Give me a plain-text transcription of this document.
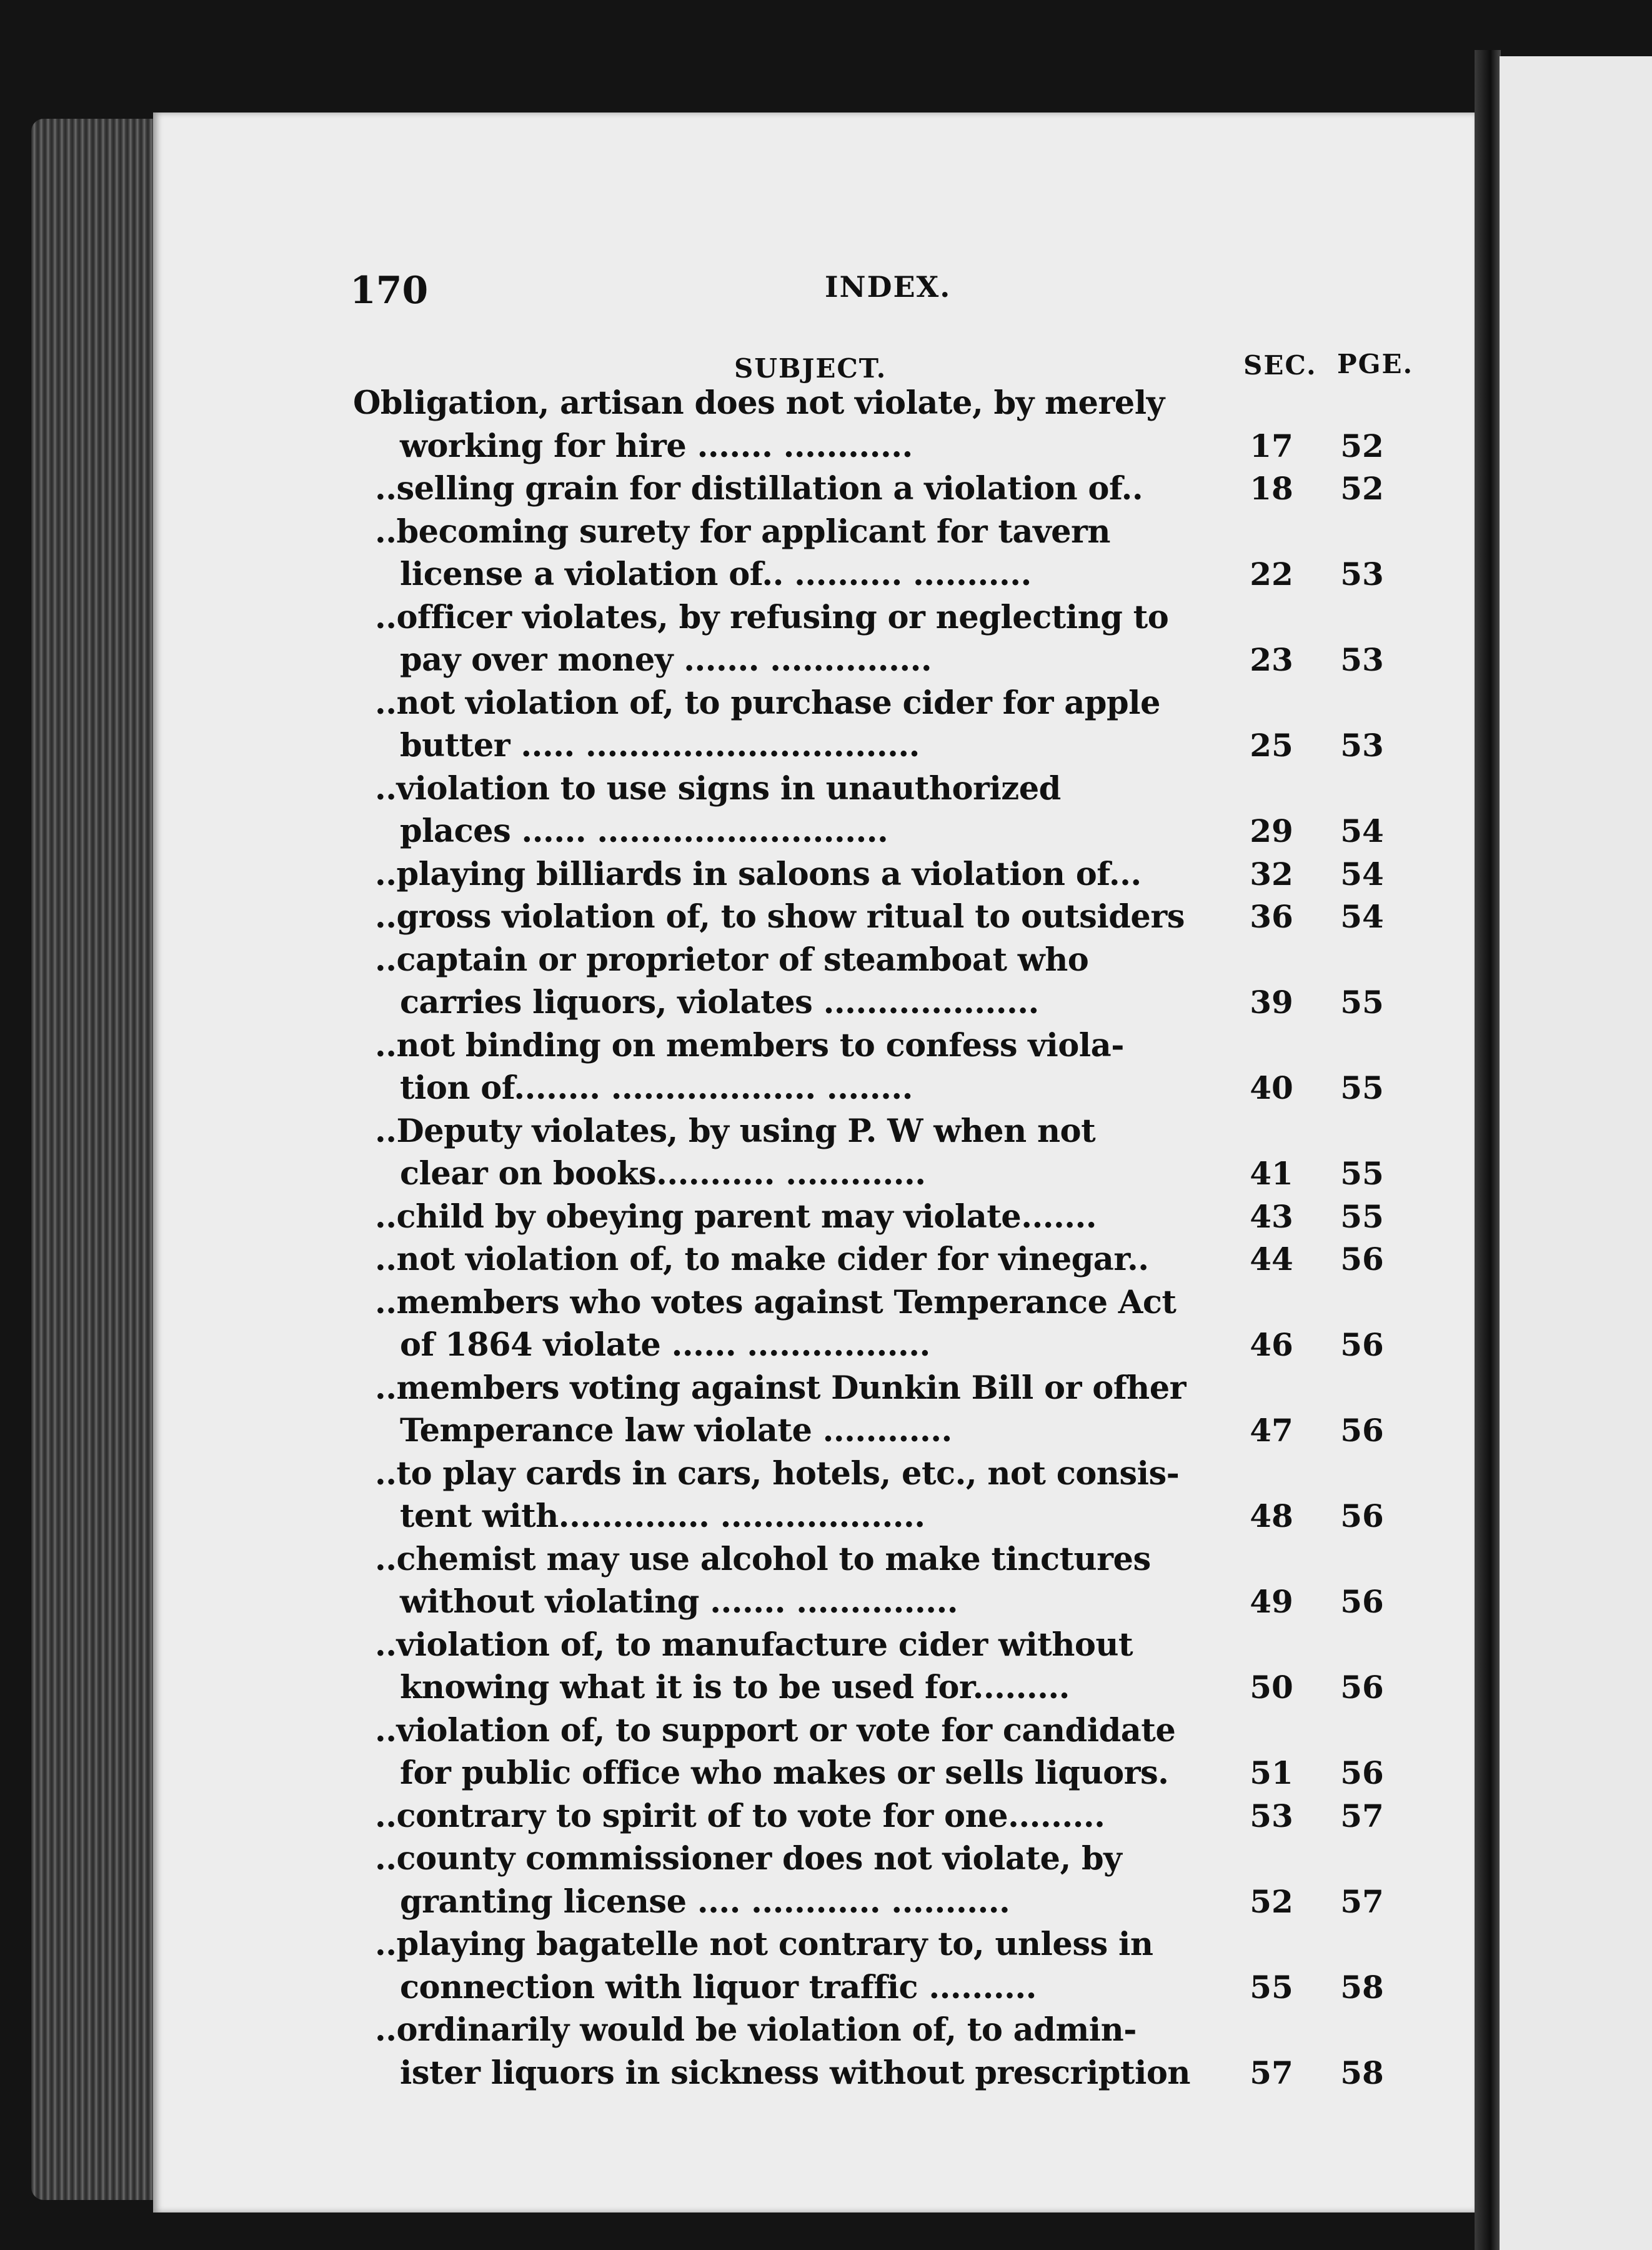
170	INDEX.
SUBJECT.	SEC. PGE.
Obligation, artisan does not violate, by merely
working for hire ....... ............	17	52
..selling grain for distillation a violation of..	18	52
..becoming surety for applicant for tavern
license a violation of.. .......... ...........	22	53
..officer violates, by refusing or neglecting to
pay over money ....... ...............	23	53
..not violation of, to purchase cider for apple
butter ..... ...............................	25	53
..violation to use signs in unauthorized
places ...... ...........................	29	54
..playing billiards in saloons a violation of...	32	54
..gross violation of, to show ritual to outsiders	36	54
..captain or proprietor of steamboat who
carries liquors, violates ....................	39	55
..not binding on members to confess viola-
tion of........ ................... ........	40	55
..Deputy violates, by using P. W when not
clear on books........... .............	41	55
..child by obeying parent may violate.......	43	55
..not violation of, to make cider for vinegar..	44	56
..members who votes against Temperance Act
of 1864 violate ...... .................	46	56
..members voting against Dunkin Bill or ofher
Temperance law violate ............	47	56
..to play cards in cars, hotels, etc., not consis-
tent with.............. ...................	48	56
..chemist may use alcohol to make tinctures
without violating ....... ...............	49	56
..violation of, to manufacture cider without
knowing what it is to be used for.........	50	56
..violation of, to support or vote for candidate
for public office who makes or sells liquors.	51	56
..contrary to spirit of to vote for one.........	53	57
..county commissioner does not violate, by
granting license .... ............ ...........	52	57
..playing bagatelle not contrary to, unless in
connection with liquor traffic ..........	55	58
..ordinarily would be violation of, to admin-
ister liquors in sickness without prescription	57	58
